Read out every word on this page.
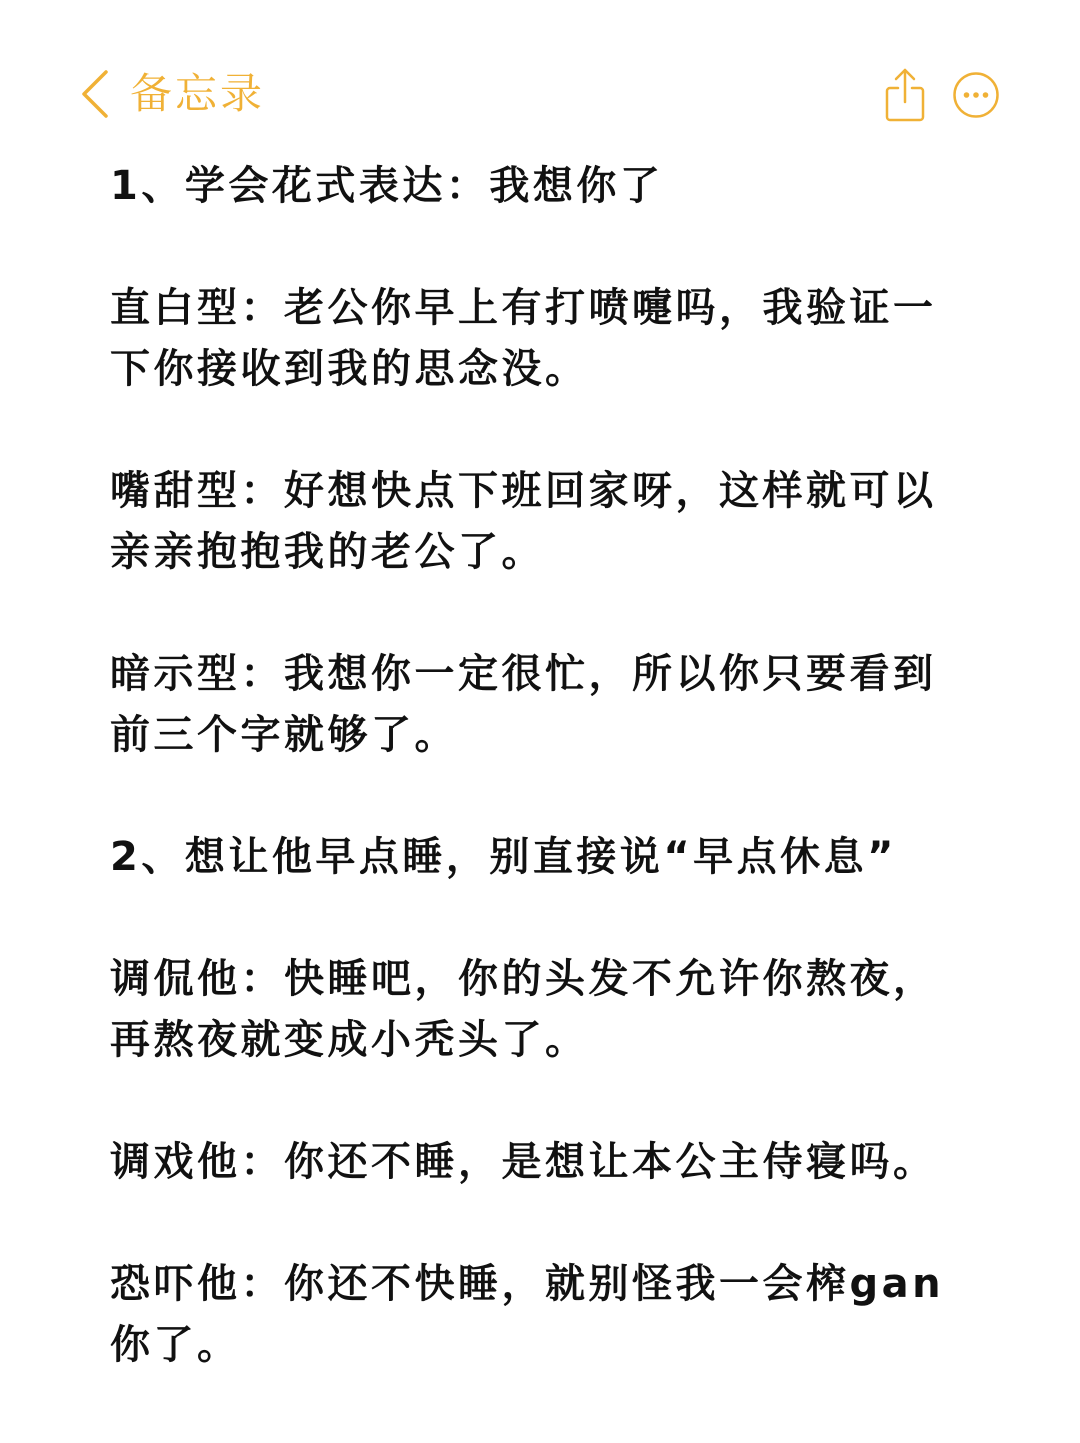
备忘录

1、学会花式表达：我想你了

直白型：老公你早上有打喷嚏吗，我验证一
下你接收到我的思念没。

嘴甜型：好想快点下班回家呀，这样就可以
亲亲抱抱我的老公了。

暗示型：我想你一定很忙，所以你只要看到
前三个字就够了。

2、想让他早点睡，别直接说“早点休息”

调侃他：快睡吧，你的头发不允许你熬夜，
再熬夜就变成小秃头了。

调戏他：你还不睡，是想让本公主侍寝吗。

恐吓他：你还不快睡，就别怪我一会榨gan
你了。
